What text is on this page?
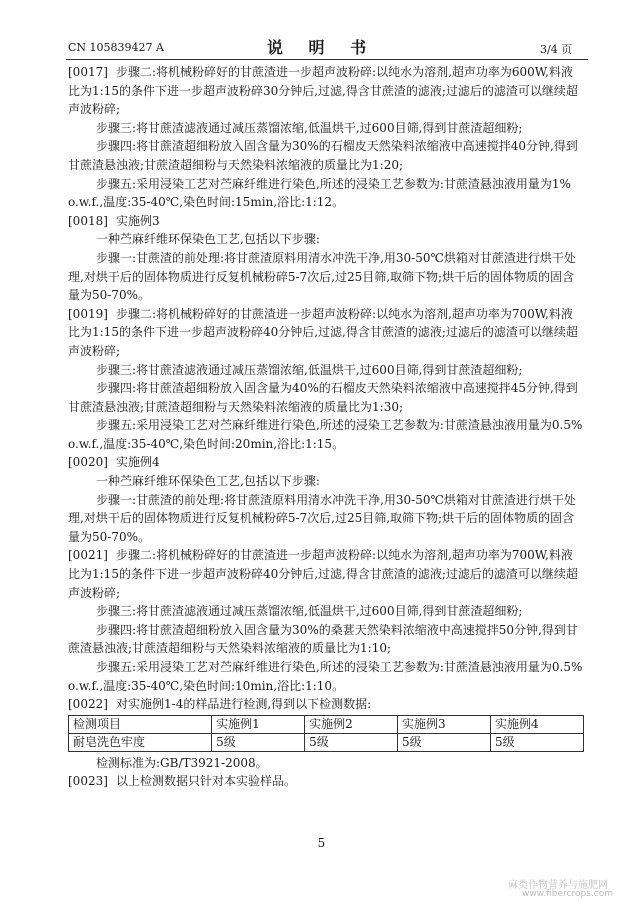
CN 105839427 A	说 明 书	3/4 页

[0017] 步骤二:将机械粉碎好的甘蔗渣进一步超声波粉碎:以纯水为溶剂,超声功率为600W,料液比为1:15的条件下进一步超声波粉碎30分钟后,过滤,得含甘蔗渣的滤液;过滤后的滤渣可以继续超声波粉碎;

步骤三:将甘蔗渣滤液通过减压蒸馏浓缩,低温烘干,过600目筛,得到甘蔗渣超细粉;

步骤四:将甘蔗渣超细粉放入固含量为30%的石榴皮天然染料浓缩液中高速搅拌40分钟,得到甘蔗渣悬浊液;甘蔗渣超细粉与天然染料浓缩液的质量比为1:20;

步骤五:采用浸染工艺对苎麻纤维进行染色,所述的浸染工艺参数为:甘蔗渣悬浊液用量为1% o.w.f.,温度:35-40℃,染色时间:15min,浴比:1:12。

[0018] 实施例3

一种苎麻纤维环保染色工艺,包括以下步骤:

步骤一:甘蔗渣的前处理:将甘蔗渣原料用清水冲洗干净,用30-50℃烘箱对甘蔗渣进行烘干处理,对烘干后的固体物质进行反复机械粉碎5-7次后,过25目筛,取筛下物;烘干后的固体物质的固含量为50-70%。

[0019] 步骤二:将机械粉碎好的甘蔗渣进一步超声波粉碎:以纯水为溶剂,超声功率为700W,料液比为1:15的条件下进一步超声波粉碎40分钟后,过滤,得含甘蔗渣的滤液;过滤后的滤渣可以继续超声波粉碎;

步骤三:将甘蔗渣滤液通过减压蒸馏浓缩,低温烘干,过600目筛,得到甘蔗渣超细粉;

步骤四:将甘蔗渣超细粉放入固含量为40%的石榴皮天然染料浓缩液中高速搅拌45分钟,得到甘蔗渣悬浊液;甘蔗渣超细粉与天然染料浓缩液的质量比为1:30;

步骤五:采用浸染工艺对苎麻纤维进行染色,所述的浸染工艺参数为:甘蔗渣悬浊液用量为0.5% o.w.f.,温度:35-40℃,染色时间:20min,浴比:1:15。

[0020] 实施例4

一种苎麻纤维环保染色工艺,包括以下步骤:

步骤一:甘蔗渣的前处理:将甘蔗渣原料用清水冲洗干净,用30-50℃烘箱对甘蔗渣进行烘干处理,对烘干后的固体物质进行反复机械粉碎5-7次后,过25目筛,取筛下物;烘干后的固体物质的固含量为50-70%。

[0021] 步骤二:将机械粉碎好的甘蔗渣进一步超声波粉碎:以纯水为溶剂,超声功率为700W,料液比为1:15的条件下进一步超声波粉碎40分钟后,过滤,得含甘蔗渣的滤液;过滤后的滤渣可以继续超声波粉碎;

步骤三:将甘蔗渣滤液通过减压蒸馏浓缩,低温烘干,过600目筛,得到甘蔗渣超细粉;

步骤四:将甘蔗渣超细粉放入固含量为30%的桑葚天然染料浓缩液中高速搅拌50分钟,得到甘蔗渣悬浊液;甘蔗渣超细粉与天然染料浓缩液的质量比为1:10;

步骤五:采用浸染工艺对苎麻纤维进行染色,所述的浸染工艺参数为:甘蔗渣悬浊液用量为0.5% o.w.f.,温度:35-40℃,染色时间:10min,浴比:1:10。

[0022] 对实施例1-4的样品进行检测,得到以下检测数据:

检测项目	实施例1	实施例2	实施例3	实施例4
耐皂洗色牢度	5级	5级	5级	5级

检测标准为:GB/T3921-2008。

[0023] 以上检测数据只针对本实验样品。

5
麻类作物营养与施肥网
www.fibercrops.com
